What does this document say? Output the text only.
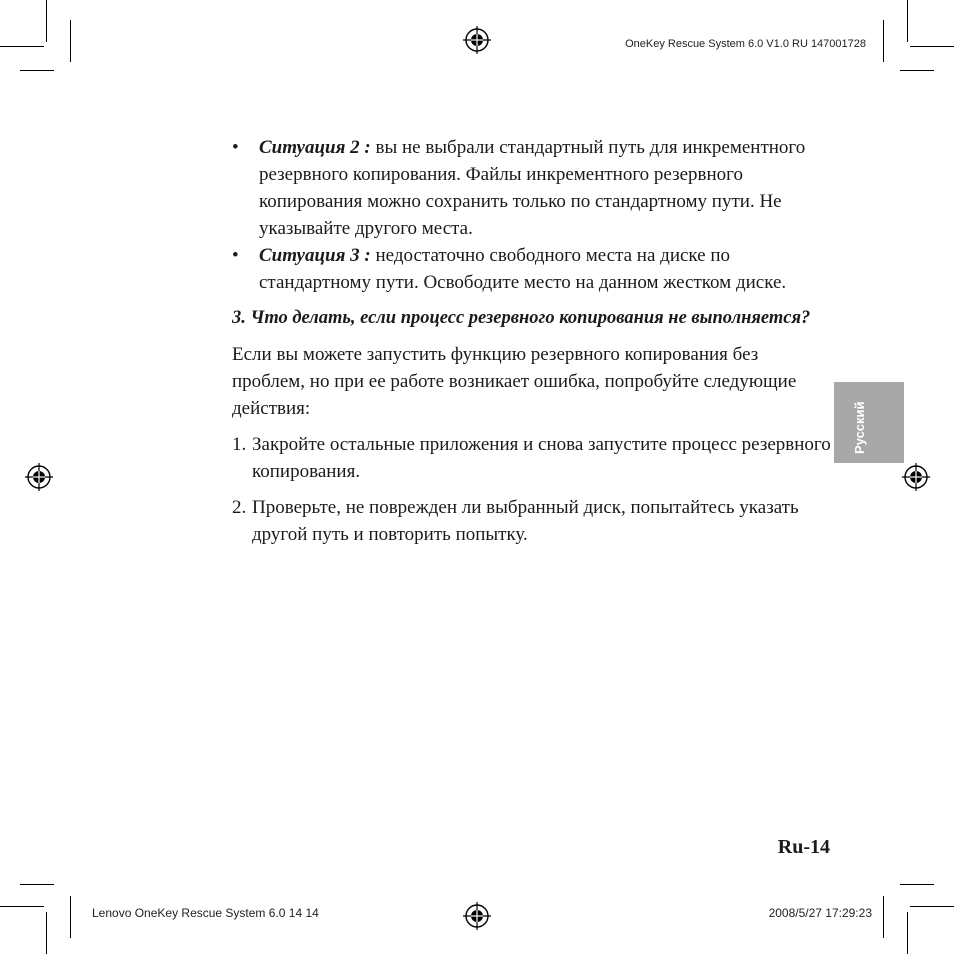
OneKey Rescue System 6.0 V1.0 RU 147001728
• Ситуация 2 : вы не выбрали стандартный путь для инкрементного резервного копирования. Файлы инкрементного резервного копирования можно сохранить только по стандартному пути. Не указывайте другого места.
• Ситуация 3 : недостаточно свободного места на диске по стандартному пути. Освободите место на данном жестком диске.

3. Что делать, если процесс резервного копирования не выполняется?

Если вы можете запустить функцию резервного копирования без проблем, но при ее работе возникает ошибка, попробуйте следующие действия:

1. Закройте остальные приложения и снова запустите процесс резервного копирования.
2. Проверьте, не поврежден ли выбранный диск, попытайтесь указать другой путь и повторить попытку.
Русский
Ru-14
Lenovo OneKey Rescue System 6.0 14 14	2008/5/27 17:29:23
